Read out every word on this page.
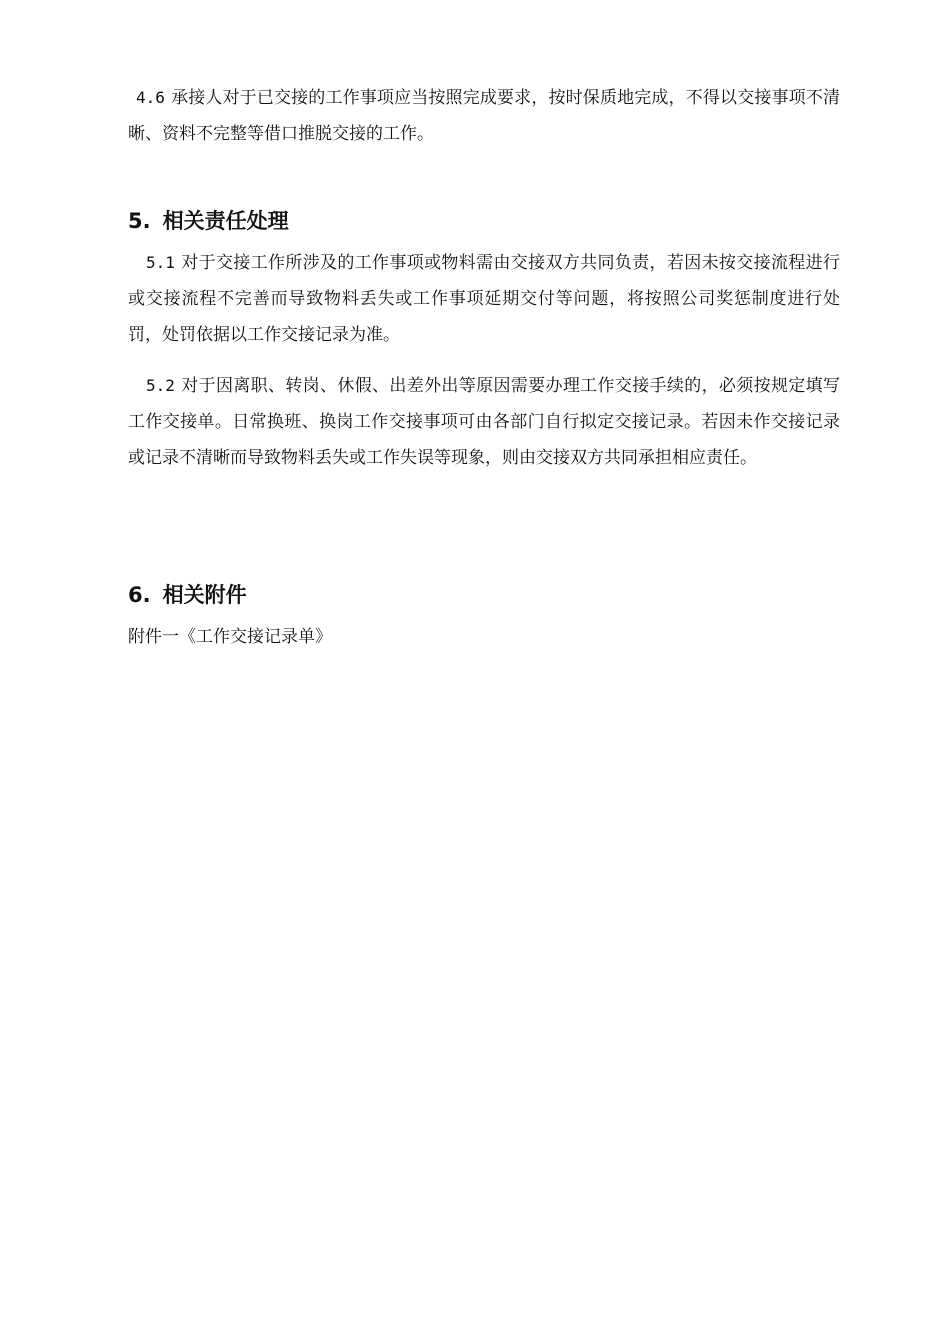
4.6 承接人对于已交接的工作事项应当按照完成要求，按时保质地完成，不得以交接事项不清晰、资料不完整等借口推脱交接的工作。

5. 相关责任处理

5.1 对于交接工作所涉及的工作事项或物料需由交接双方共同负责，若因未按交接流程进行或交接流程不完善而导致物料丢失或工作事项延期交付等问题，将按照公司奖惩制度进行处罚，处罚依据以工作交接记录为准。

5.2 对于因离职、转岗、休假、出差外出等原因需要办理工作交接手续的，必须按规定填写工作交接单。日常换班、换岗工作交接事项可由各部门自行拟定交接记录。若因未作交接记录或记录不清晰而导致物料丢失或工作失误等现象，则由交接双方共同承担相应责任。

6. 相关附件

附件一《工作交接记录单》
